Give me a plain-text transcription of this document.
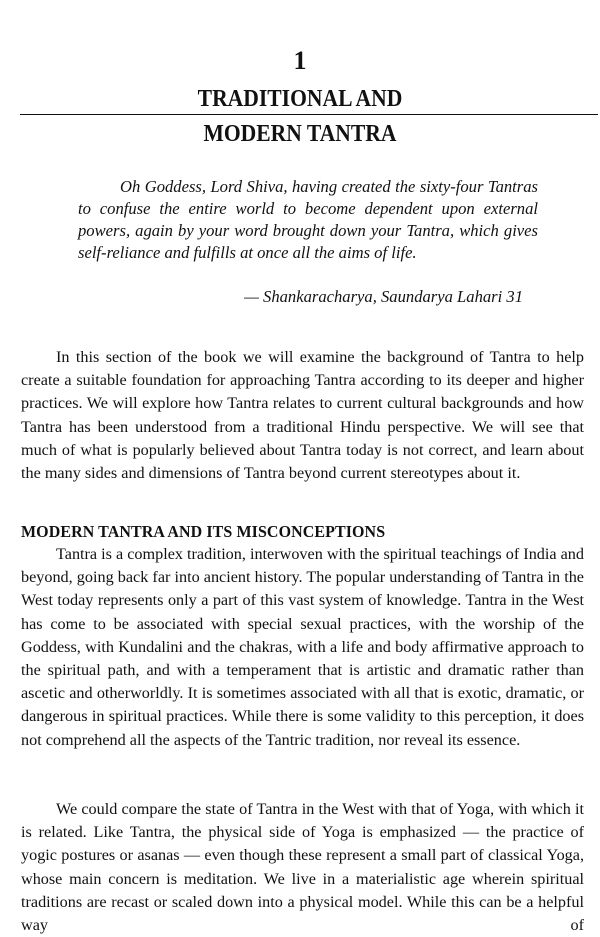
1
TRADITIONAL AND
MODERN TANTRA

Oh Goddess, Lord Shiva, having created the sixty-four Tantras to confuse the entire world to become dependent upon external powers, again by your word brought down your Tantra, which gives self-reliance and fulfills at once all the aims of life.

— Shankaracharya, Saundarya Lahari 31

In this section of the book we will examine the background of Tantra to help create a suitable foundation for approaching Tantra according to its deeper and higher practices. We will explore how Tantra relates to current cultural backgrounds and how Tantra has been understood from a traditional Hindu perspective. We will see that much of what is popularly believed about Tantra today is not correct, and learn about the many sides and dimensions of Tantra beyond current stereotypes about it.

MODERN TANTRA AND ITS MISCONCEPTIONS

Tantra is a complex tradition, interwoven with the spiritual teachings of India and beyond, going back far into ancient history. The popular understanding of Tantra in the West today represents only a part of this vast system of knowledge. Tantra in the West has come to be associated with special sexual practices, with the worship of the Goddess, with Kundalini and the chakras, with a life and body affirmative approach to the spiritual path, and with a temperament that is artistic and dramatic rather than ascetic and otherworldly. It is sometimes associated with all that is exotic, dramatic, or dangerous in spiritual practices. While there is some validity to this perception, it does not comprehend all the aspects of the Tantric tradition, nor reveal its essence.

We could compare the state of Tantra in the West with that of Yoga, with which it is related. Like Tantra, the physical side of Yoga is emphasized — the practice of yogic postures or asanas — even though these represent a small part of classical Yoga, whose main concern is meditation. We live in a materialistic age wherein spiritual traditions are recast or scaled down into a physical model. While this can be a helpful way of
